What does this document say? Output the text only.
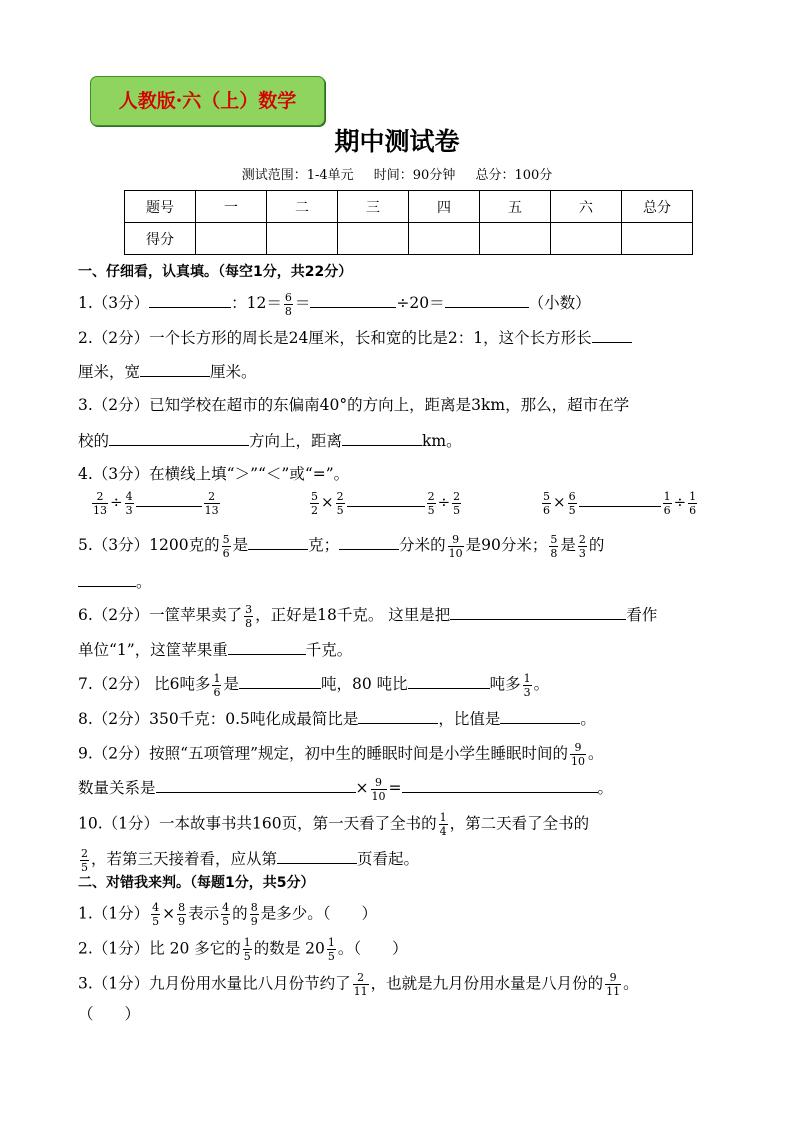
人教版·六（上）数学
期中测试卷
测试范围：1-4单元 时间：90分钟 总分：100分
题号	一	二	三	四	五	六	总分
得分							
一、仔细看，认真填。（每空1分，共22分）
1.（3分）	：$12= \frac{6}{8}$ ＝	÷20＝	（小数）
2.（2分）一个长方形的周长是24厘米，长和宽的比是2：1，这个长方形长
厘米，宽	厘米。
3.（2分）已知学校在超市的东偏南40°的方向上，距离是3km，那么，超市在学
校的	方向上，距离	km。
4.（3分）在横线上填“＞”“＜”或“=”。
$\frac{2}{13} \div \frac{4}{3}$	$\frac{2}{13}$	$\frac{5}{2} \times \frac{2}{5}$	$\frac{2}{5} \div \frac{2}{5}$	$\frac{5}{6} \times \frac{6}{5}$	$\frac{1}{6} \div \frac{1}{6}$
5.（3分）1200克的 $\frac{5}{6}$ 是	克；	分米的 $\frac{9}{10}$ 是90分米； $\frac{5}{8}$ 是 $\frac{2}{3}$ 的
。
6.（2分）一筐苹果卖了 $\frac{3}{8}$ ，正好是18千克。 这里是把	看作
单位“1”，这筐苹果重	千克。
7.（2分） 比6吨多 $\frac{1}{6}$ 是	吨，80 吨比	吨多 $\frac{1}{3}$ 。
8.（2分）350千克：0.5吨化成最简比是	，比值是	。
9.（2分）按照“五项管理”规定，初中生的睡眠时间是小学生睡眠时间的 $\frac{9}{10}$ 。
数量关系是	× $\frac{9}{10}$ =	。
10.（1分）一本故事书共160页，第一天看了全书的 $\frac{1}{4}$ ，第二天看了全书的
$\frac{2}{5}$ ，若第三天接着看，应从第	页看起。
二、对错我来判。（每题1分，共5分）
1.（1分） $\frac{4}{5} \times \frac{8}{9}$ 表示 $\frac{4}{5}$ 的 $\frac{8}{9}$ 是多少。（　　）
2.（1分）比 20 多它的 $\frac{1}{5}$ 的数是 $20 \frac{1}{5}$ 。（　　）
3.（1分）九月份用水量比八月份节约了 $\frac{2}{11}$ ，也就是九月份用水量是八月份的 $\frac{9}{11}$ 。
（　　）
